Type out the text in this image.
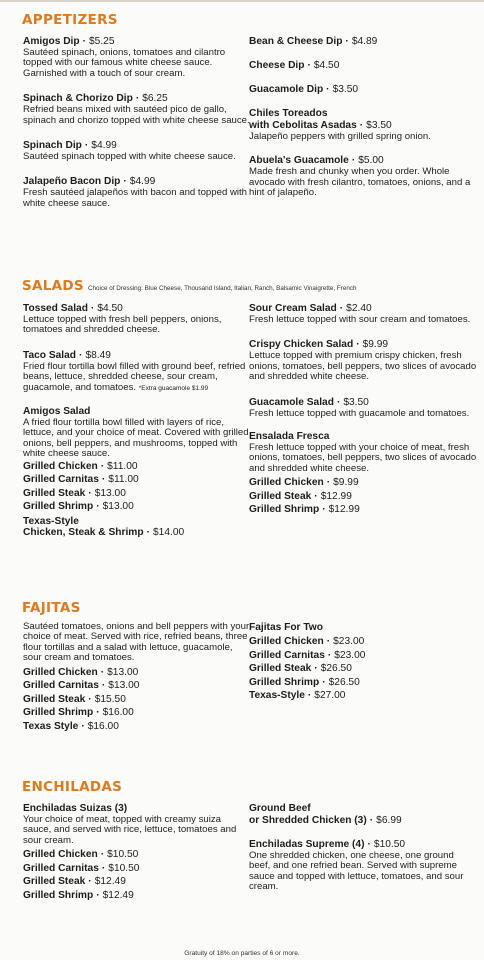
APPETIZERS
Amigos Dip · $5.25
Sautéed spinach, onions, tomatoes and cilantro topped with our famous white cheese sauce. Garnished with a touch of sour cream.
Spinach & Chorizo Dip · $6.25
Refried beans mixed with sautéed pico de gallo, spinach and chorizo topped with white cheese sauce.
Spinach Dip · $4.99
Sautéed spinach topped with white cheese sauce.
Jalapeño Bacon Dip · $4.99
Fresh sautéed jalapeños with bacon and topped with white cheese sauce.
Bean & Cheese Dip · $4.89
Cheese Dip · $4.50
Guacamole Dip · $3.50
Chiles Toreados
with Cebolitas Asadas · $3.50
Jalapeño peppers with grilled spring onion.
Abuela's Guacamole · $5.00
Made fresh and chunky when you order. Whole avocado with fresh cilantro, tomatoes, onions, and a hint of jalapeño.
SALADS Choice of Dressing: Blue Cheese, Thousand Island, Italian, Ranch, Balsamic Vinaigrette, French
Tossed Salad · $4.50
Lettuce topped with fresh bell peppers, onions, tomatoes and shredded cheese.
Taco Salad · $8.49
Fried flour tortilla bowl filled with ground beef, refried beans, lettuce, shredded cheese, sour cream, guacamole, and tomatoes. *Extra guacamole $1.99
Amigos Salad
A fried flour tortilla bowl filled with layers of rice, lettuce, and your choice of meat. Covered with grilled onions, bell peppers, and mushrooms, topped with white cheese sauce.
Grilled Chicken · $11.00
Grilled Carnitas · $11.00
Grilled Steak · $13.00
Grilled Shrimp · $13.00
Texas-Style
Chicken, Steak & Shrimp · $14.00
Sour Cream Salad · $2.40
Fresh lettuce topped with sour cream and tomatoes.
Crispy Chicken Salad · $9.99
Lettuce topped with premium crispy chicken, fresh onions, tomatoes, bell peppers, two slices of avocado and shredded white cheese.
Guacamole Salad · $3.50
Fresh lettuce topped with guacamole and tomatoes.
Ensalada Fresca
Fresh lettuce topped with your choice of meat, fresh onions, tomatoes, bell peppers, two slices of avocado and shredded white cheese.
Grilled Chicken · $9.99
Grilled Steak · $12.99
Grilled Shrimp · $12.99
FAJITAS
Sautéed tomatoes, onions and bell peppers with your choice of meat. Served with rice, refried beans, three flour tortillas and a salad with lettuce, guacamole, sour cream and tomatoes.
Grilled Chicken · $13.00
Grilled Carnitas · $13.00
Grilled Steak · $15.50
Grilled Shrimp · $16.00
Texas Style · $16.00
Fajitas For Two
Grilled Chicken · $23.00
Grilled Carnitas · $23.00
Grilled Steak · $26.50
Grilled Shrimp · $26.50
Texas-Style · $27.00
ENCHILADAS
Enchiladas Suizas (3)
Your choice of meat, topped with creamy suiza sauce, and served with rice, lettuce, tomatoes and sour cream.
Grilled Chicken · $10.50
Grilled Carnitas · $10.50
Grilled Steak · $12.49
Grilled Shrimp · $12.49
Ground Beef
or Shredded Chicken (3) · $6.99
Enchiladas Supreme (4) · $10.50
One shredded chicken, one cheese, one ground beef, and one refried bean. Served with supreme sauce and topped with lettuce, tomatoes, and sour cream.
Gratuity of 18% on parties of 6 or more.
